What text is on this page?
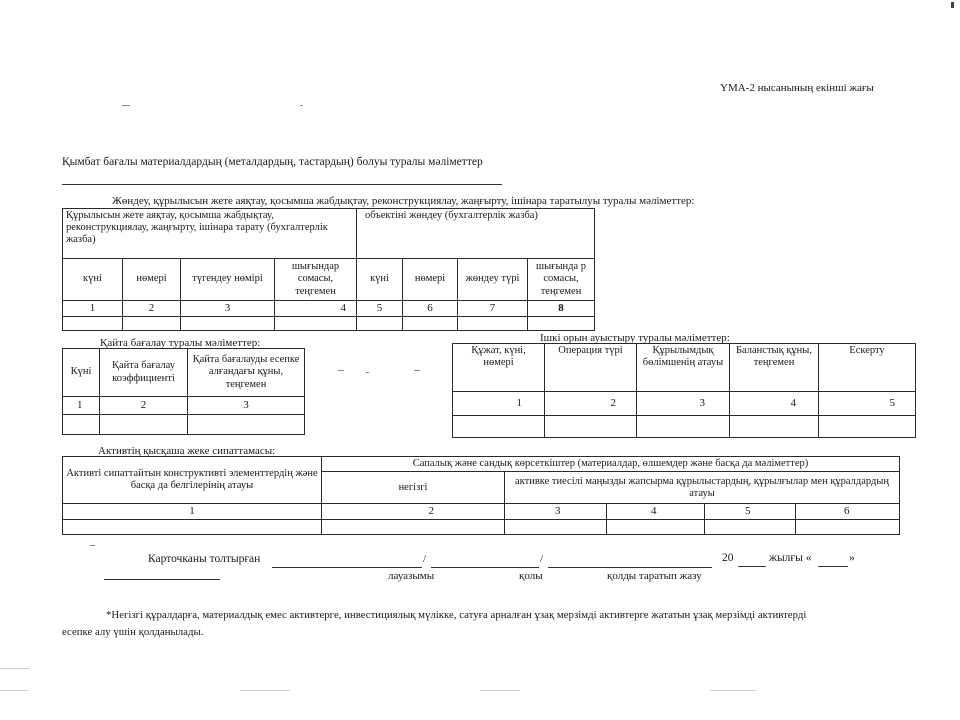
ҮМА-2 нысанының екінші жағы
Қымбат бағалы материалдардың (металдардың, тастардың) болуы туралы мәліметтер
Жөндеу, құрылысын жете аяқтау, қосымша жабдықтау, реконструкциялау, жаңғырту, ішінара таратылуы туралы мәліметтер:
Құрылысын жете аяқтау, қосымша жабдықтау, реконструкциялау, жаңғырту, ішінара тарату (бухгалтерлік жазба)				объектіні жөндеу (бухгалтерлік жазба)			
күні	нөмері	түгендеу нөмірі	шығындар сомасы, теңгемен	күні	нөмері	жөндеу түрі	шығында р сомасы, теңгемен
1	2	3	4	5	6	7	8

Қайта бағалау туралы мәліметтер:
Күні	Қайта бағалау коэффициенті	Қайта бағалауды есепке алғандағы құны, теңгемен
1	2	3

Ішкі орын ауыстыру туралы мәліметтер:
Құжат, күні, нөмері	Операция түрі	Құрылымдық бөлімшенің атауы	Баланстық құны, теңгемен	Ескерту
1	2	3	4	5

Активтің қысқаша жеке сипаттамасы:
Активті сипаттайтын конструктивті элементтердің және басқа да белгілерінің атауы	Сапалық және сандық көрсеткіштер (материалдар, өлшемдер және басқа да мәліметтер)				
	негізгі	активке тиесілі маңызды жапсырма құрылыстардың, құрылғылар мен құралдардың атауы			
1	2	3	4	5	6

Карточканы толтырған	/	/	20	жылғы «	»
лауазымы	қолы	қолды таратып жазу
*Негізгі құралдарға, материалдық емес активтерге, инвестициялық мүлікке, сатуға арналған ұзақ мерзімді активтерге жататын ұзақ мерзімді активтерді
есепке алу үшін қолданылады.
